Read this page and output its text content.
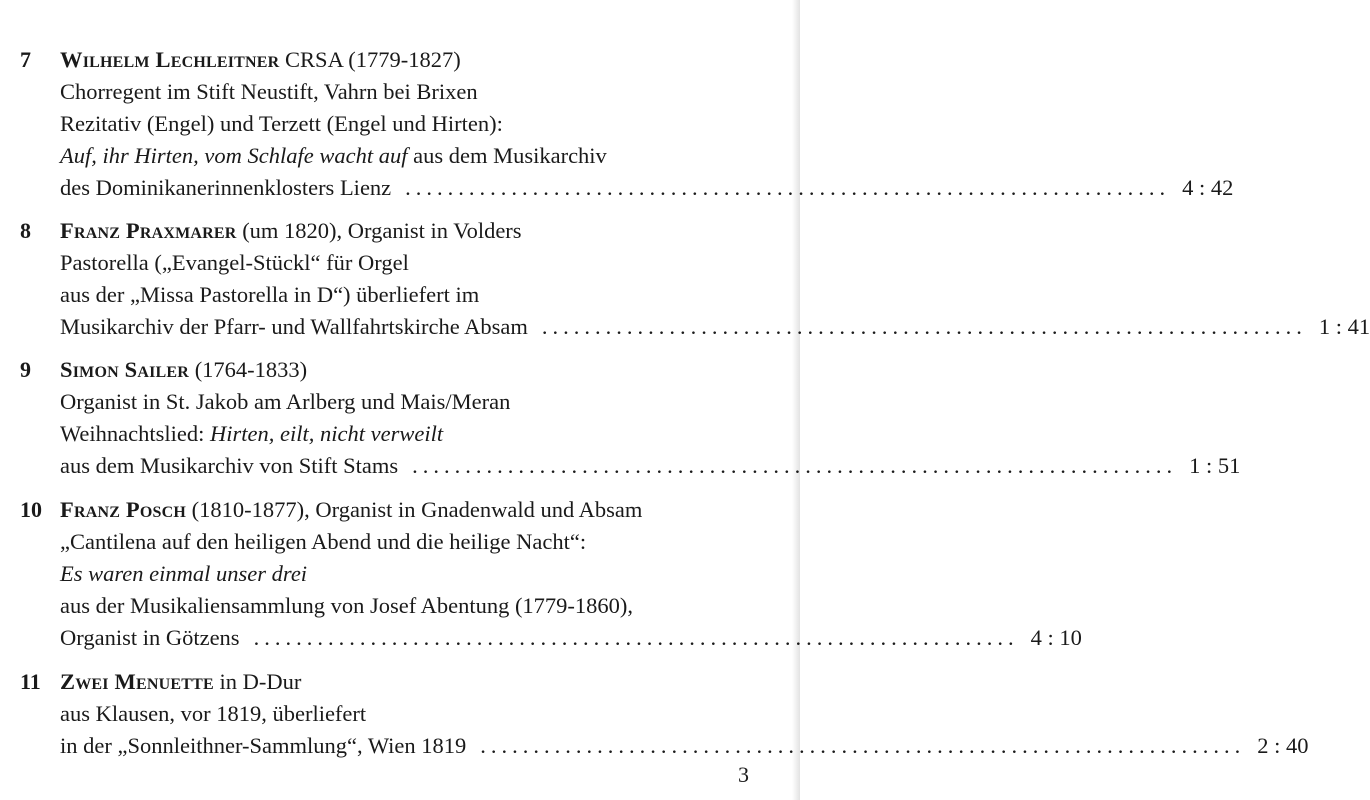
7	Wilhelm Lechleitner CRSA (1779-1827)
Chorregent im Stift Neustift, Vahrn bei Brixen
Rezitativ (Engel) und Terzett (Engel und Hirten):
Auf, ihr Hirten, vom Schlafe wacht auf aus dem Musikarchiv
des Dominikanerinnenklosters Lienz ........................................................................ 4 : 42
8	Franz Praxmarer (um 1820), Organist in Volders
Pastorella („Evangel-Stückl“ für Orgel
aus der „Missa Pastorella in D“) überliefert im
Musikarchiv der Pfarr- und Wallfahrtskirche Absam ........................................................................ 1 : 41
9	Simon Sailer (1764-1833)
Organist in St. Jakob am Arlberg und Mais/Meran
Weihnachtslied: Hirten, eilt, nicht verweilt
aus dem Musikarchiv von Stift Stams ........................................................................ 1 : 51
10 Franz Posch (1810-1877), Organist in Gnadenwald und Absam
„Cantilena auf den heiligen Abend und die heilige Nacht“:
Es waren einmal unser drei
aus der Musikaliensammlung von Josef Abentung (1779-1860),
Organist in Götzens ........................................................................ 4 : 10
11 Zwei Menuette in D-Dur
aus Klausen, vor 1819, überliefert
in der „Sonnleithner-Sammlung“, Wien 1819 ........................................................................ 2 : 40
3
